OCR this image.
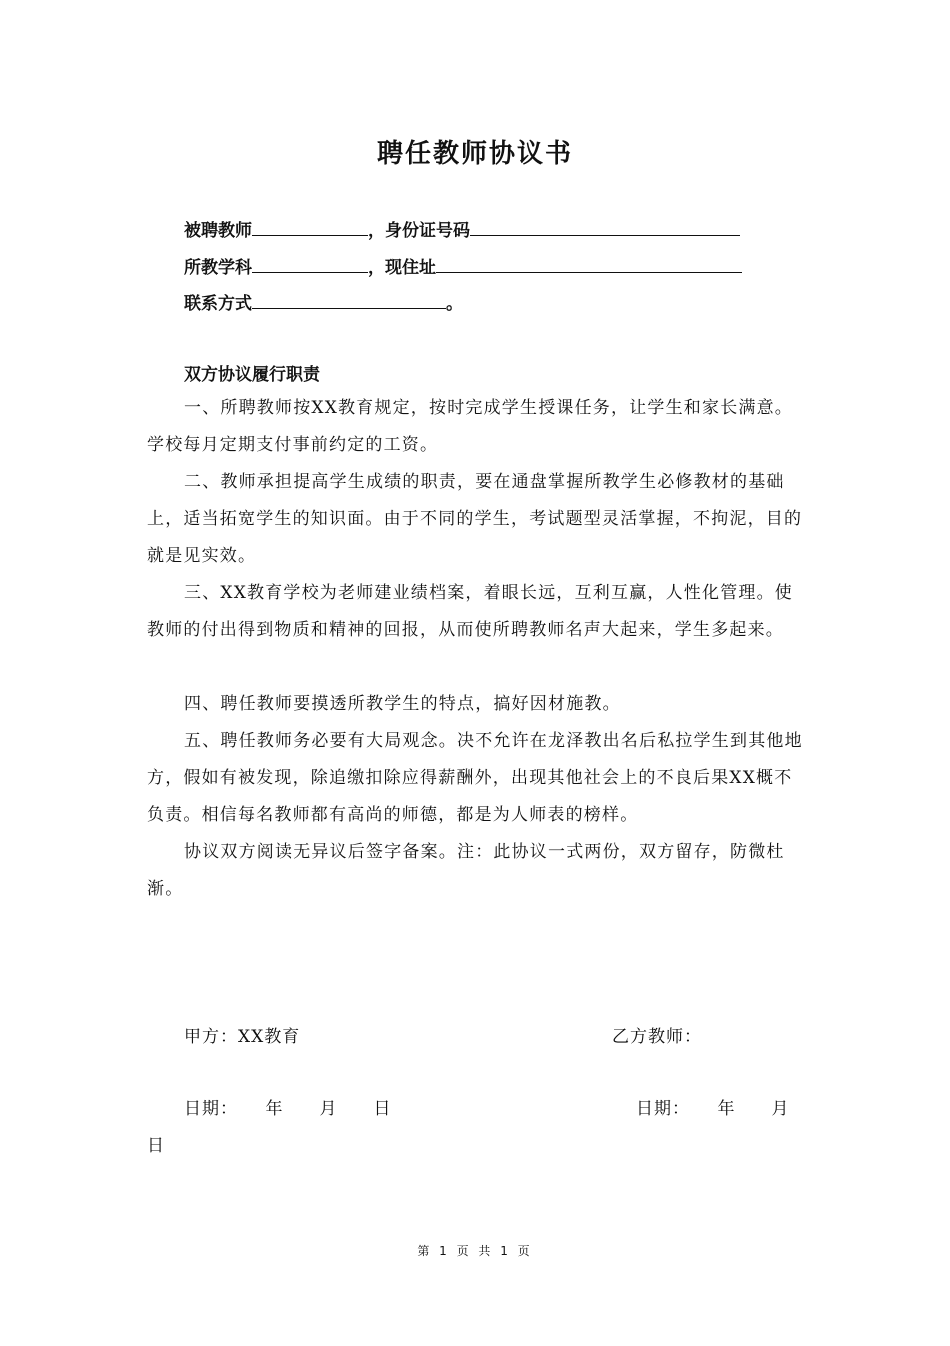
聘任教师协议书
被聘教师	，身份证号码
所教学科	，现住址
联系方式	。
双方协议履行职责
一、所聘教师按XX教育规定，按时完成学生授课任务，让学生和家长满意。学校每月定期支付事前约定的工资。
二、教师承担提高学生成绩的职责，要在通盘掌握所教学生必修教材的基础上，适当拓宽学生的知识面。由于不同的学生，考试题型灵活掌握，不拘泥，目的就是见实效。
三、XX教育学校为老师建业绩档案，着眼长远，互利互赢，人性化管理。使教师的付出得到物质和精神的回报，从而使所聘教师名声大起来，学生多起来。
四、聘任教师要摸透所教学生的特点，搞好因材施教。
五、聘任教师务必要有大局观念。决不允许在龙泽教出名后私拉学生到其他地方，假如有被发现，除追缴扣除应得薪酬外，出现其他社会上的不良后果XX概不负责。相信每名教师都有高尚的师德，都是为人师表的榜样。
协议双方阅读无异议后签字备案。注：此协议一式两份，双方留存，防微杜渐。
甲方：XX教育	乙方教师：
日期：　　年　　月　　日	日期：　　年　　月
日
第 1 页 共 1 页
